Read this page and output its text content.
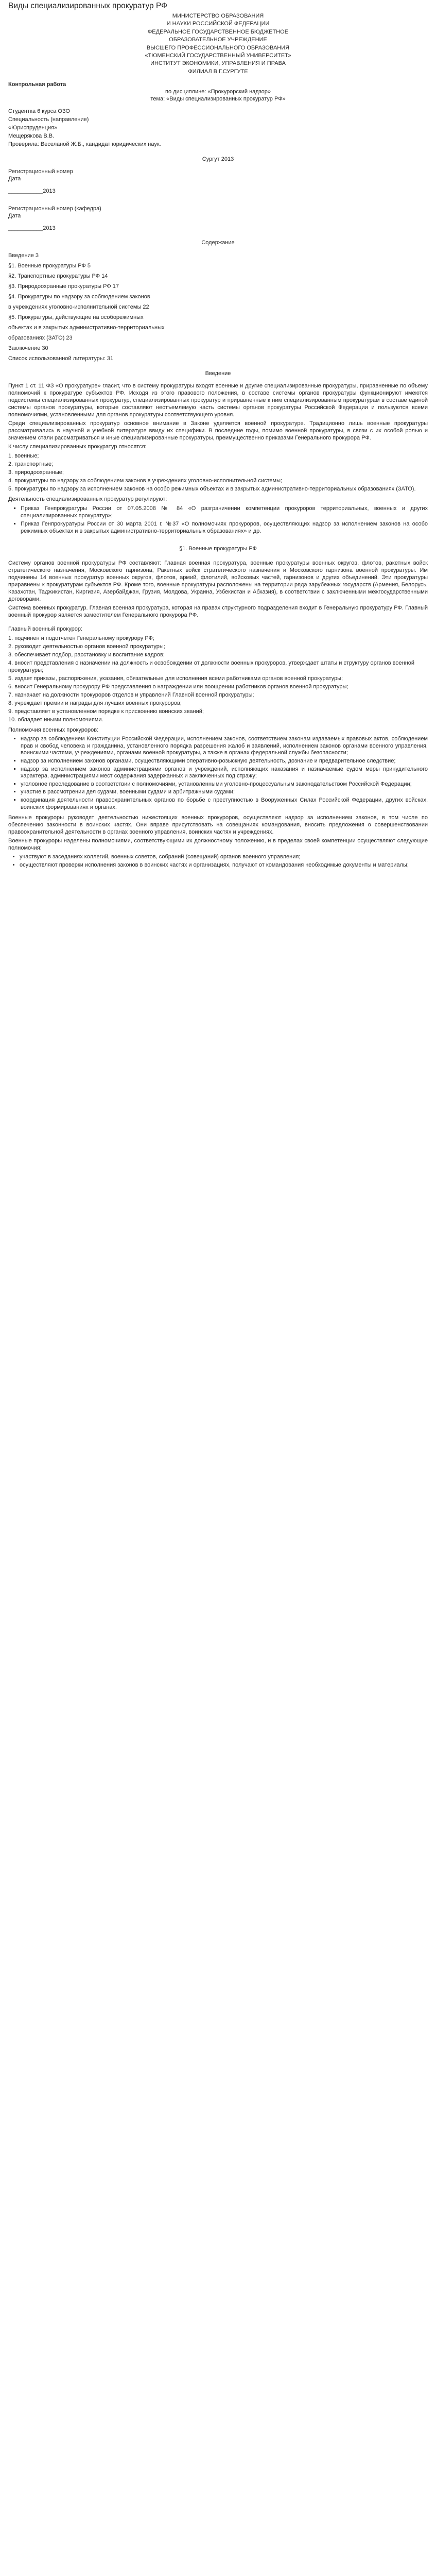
Виды специализированных прокуратур РФ
МИНИСТЕРСТВО ОБРАЗОВАНИЯ
И НАУКИ РОССИЙСКОЙ ФЕДЕРАЦИИ
ФЕДЕРАЛЬНОЕ ГОСУДАРСТВЕННОЕ БЮДЖЕТНОЕ
ОБРАЗОВАТЕЛЬНОЕ УЧРЕЖДЕНИЕ
ВЫСШЕГО ПРОФЕССИОНАЛЬНОГО ОБРАЗОВАНИЯ
«ТЮМЕНСКИЙ ГОСУДАРСТВЕННЫЙ УНИВЕРСИТЕТ»
ИНСТИТУТ ЭКОНОМИКИ, УПРАВЛЕНИЯ И ПРАВА
ФИЛИАЛ В Г.СУРГУТЕ
Контрольная работа
по дисциплине: «Прокурорский надзор»
тема: «Виды специализированных прокуратур РФ»
Студентка 6 курса ОЗО
Специальность (направление)
«Юриспруденция»
Мещерякова В.В.
Проверила: Веселаной Ж.Б., кандидат юридических наук.
Сургут 2013
Регистрационный номер
Дата
___________2013
Регистрационный номер (кафедра)
Дата
___________2013
Содержание

Введение 3

§1. Военные прокуратуры РФ 5

§2. Транспортные прокуратуры РФ 14

§3. Природоохранные прокуратуры РФ 17

§4. Прокуратуры по надзору за соблюдением законов

в учреждениях уголовно-исполнительной системы 22

§5. Прокуратуры, действующие на особорежимных

объектах и в закрытых административно-территориальных

образованиях (ЗАТО) 23

Заключение 30

Список использованной литературы: 31

Введение

Пункт 1 ст. 11 ФЗ «О прокуратуре» гласит, что в систему прокуратуры входят военные и другие специализированные прокуратуры, приравненные по объему полномочий к прокуратуре субъектов РФ. Исходя из этого правового положения, в составе системы органов прокуратуры функционируют имеются подсистемы специализированных прокуратур, специализированных прокуратур и приравненные к ним специализированным прокуратурам в составе единой системы органов прокуратуры, которые составляют неотъемлемую часть системы органов прокуратуры Российской Федерации и пользуются всеми полномочиями, установленными для органов прокуратуры соответствующего уровня.

Среди специализированных прокуратур основное внимание в Законе уделяется военной прокуратуре. Традиционно лишь военные прокуратуры рассматривались в научной и учебной литературе ввиду их специфики. В последние годы, помимо военной прокуратуры, в связи с их особой ролью и значением стали рассматриваться и иные специализированные прокуратуры, преимущественно приказами Генерального прокурора РФ.

К числу специализированных прокуратур относятся:

1. военные;
2. транспортные;
3. природоохранные;
4. прокуратуры по надзору за соблюдением законов в учреждениях уголовно-исполнительной системы;
5. прокуратуры по надзору за исполнением законов на особо режимных объектах и в закрытых административно-территориальных образованиях (ЗАТО).

Деятельность специализированных прокуратур регулируют:

▪ Приказ Генпрокуратуры России от 07.05.2008 № 84 «О разграничении компетенции прокуроров территориальных, военных и других специализированных прокуратур»;
▪ Приказ Генпрокуратуры России от 30 марта 2001 г. №37 «О полномочиях прокуроров, осуществляющих надзор за исполнением законов на особо режимных объектах и в закрытых административно-территориальных образованиях» и др.
§1. Военные прокуратуры РФ

Систему органов военной прокуратуры РФ составляют: Главная военная прокуратура, военные прокуратуры военных округов, флотов, ракетных войск стратегического назначения, Московского гарнизона, Ракетных войск стратегического назначения и Московского гарнизона военной прокуратуры. Им подчинены 14 военных прокуратур военных округов, флотов, армий, флотилий, войсковых частей, гарнизонов и других объединений. Эти прокуратуры приравнены к прокуратурам субъектов РФ. Кроме того, военные прокуратуры расположены на территории ряда зарубежных государств (Армения, Белорусь, Казахстан, Таджикистан, Киргизия, Азербайджан, Грузия, Молдова, Украина, Узбекистан и Абхазия), в соответствии с заключенными межгосударственными договорами.

Система военных прокуратур. Главная военная прокуратура, которая на правах структурного подразделения входит в Генеральную прокуратуру РФ. Главный военный прокурор является заместителем Генерального прокурора РФ.

Главный военный прокурор:

1. подчинен и подотчетен Генеральному прокурору РФ;
2. руководит деятельностью органов военной прокуратуры;
3. обеспечивает подбор, расстановку и воспитание кадров;
4. вносит представления о назначении на должность и освобождении от должности военных прокуроров, утверждает штаты и структуру органов военной прокуратуры;
5. издает приказы, распоряжения, указания, обязательные для исполнения всеми работниками органов военной прокуратуры;
6. вносит Генеральному прокурору РФ представления о награждении или поощрении работников органов военной прокуратуры;
7. назначает на должности прокуроров отделов и управлений Главной военной прокуратуры;
8. учреждает премии и награды для лучших военных прокуроров;
9. представляет в установленном порядке к присвоению воинских званий;
10. обладает иными полномочиями.

Полномочия военных прокуроров:

▪ надзор за соблюдением Конституции Российской Федерации, исполнением законов, соответствием законам издаваемых правовых актов, соблюдением прав и свобод человека и гражданина, установленного порядка разрешения жалоб и заявлений, исполнением законов органами военного управления, воинскими частями, учреждениями, органами военной прокуратуры, а также в органах федеральной службы безопасности;
▪ надзор за исполнением законов органами, осуществляющими оперативно-розыскную деятельность, дознание и предварительное следствие;
▪ надзор за исполнением законов администрациями органов и учреждений, исполняющих наказания и назначаемые судом меры принудительного характера, администрациями мест содержания задержанных и заключенных под стражу;
▪ уголовное преследование в соответствии с полномочиями, установленными уголовно-процессуальным законодательством Российской Федерации;
▪ участие в рассмотрении дел судами, военными судами и арбитражными судами;
▪ координация деятельности правоохранительных органов по борьбе с преступностью в Вооруженных Силах Российской Федерации, других войсках, воинских формированиях и органах.

Военные прокуроры руководят деятельностью нижестоящих военных прокуроров, осуществляют надзор за исполнением законов, в том числе по обеспечению законности в воинских частях. Они вправе присутствовать на совещаниях командования, вносить предложения о совершенствовании правоохранительной деятельности в органах военного управления, воинских частях и учреждениях.

Военные прокуроры наделены полномочиями, соответствующими их должностному положению, и в пределах своей компетенции осуществляют следующие полномочия:

• участвуют в заседаниях коллегий, военных советов, собраний (совещаний) органов военного управления;
• осуществляют проверки исполнения законов в воинских частях и организациях, получают от командования необходимые документы и материалы;
